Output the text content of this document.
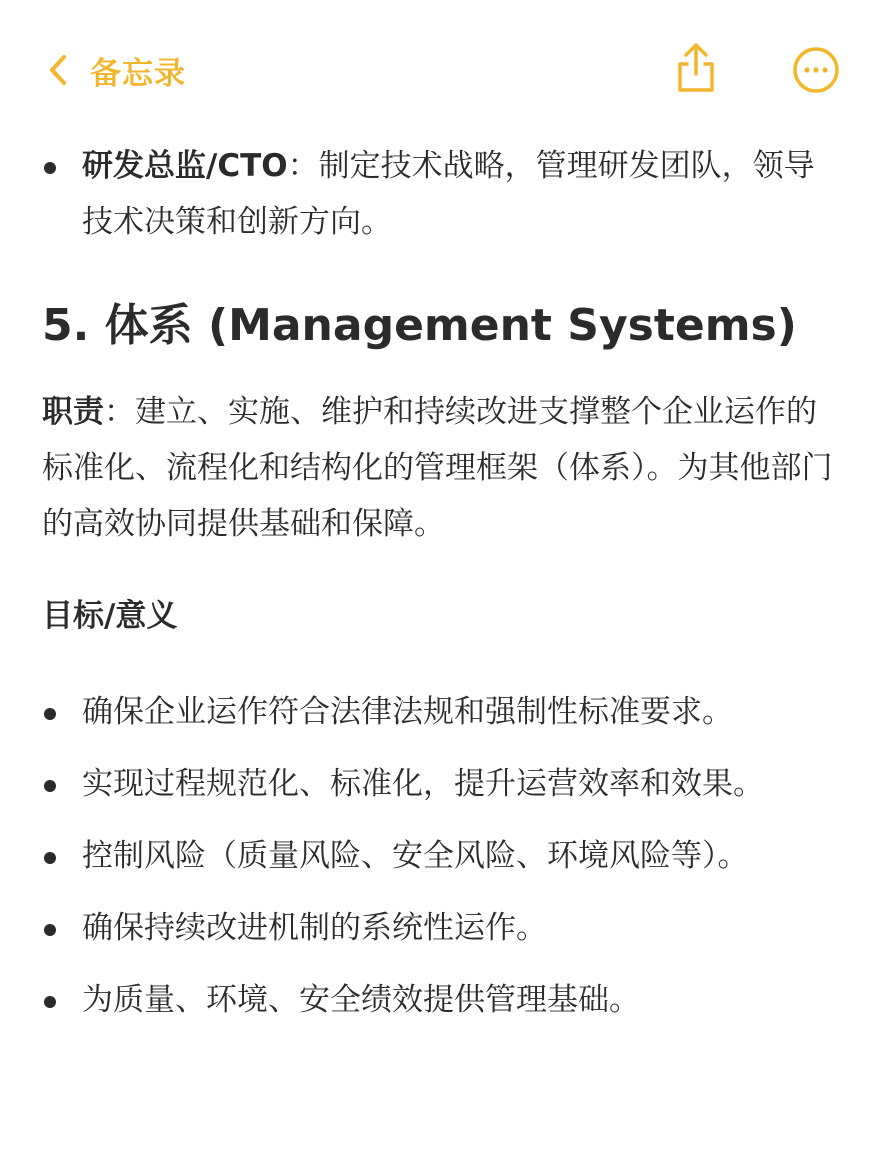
备忘录
研发总监/CTO：制定技术战略，管理研发团队，领导技术决策和创新方向。
5. 体系 (Management Systems)
职责：建立、实施、维护和持续改进支撑整个企业运作的标准化、流程化和结构化的管理框架（体系）。为其他部门的高效协同提供基础和保障。
目标/意义
确保企业运作符合法律法规和强制性标准要求。
实现过程规范化、标准化，提升运营效率和效果。
控制风险（质量风险、安全风险、环境风险等）。
确保持续改进机制的系统性运作。
为质量、环境、安全绩效提供管理基础。
